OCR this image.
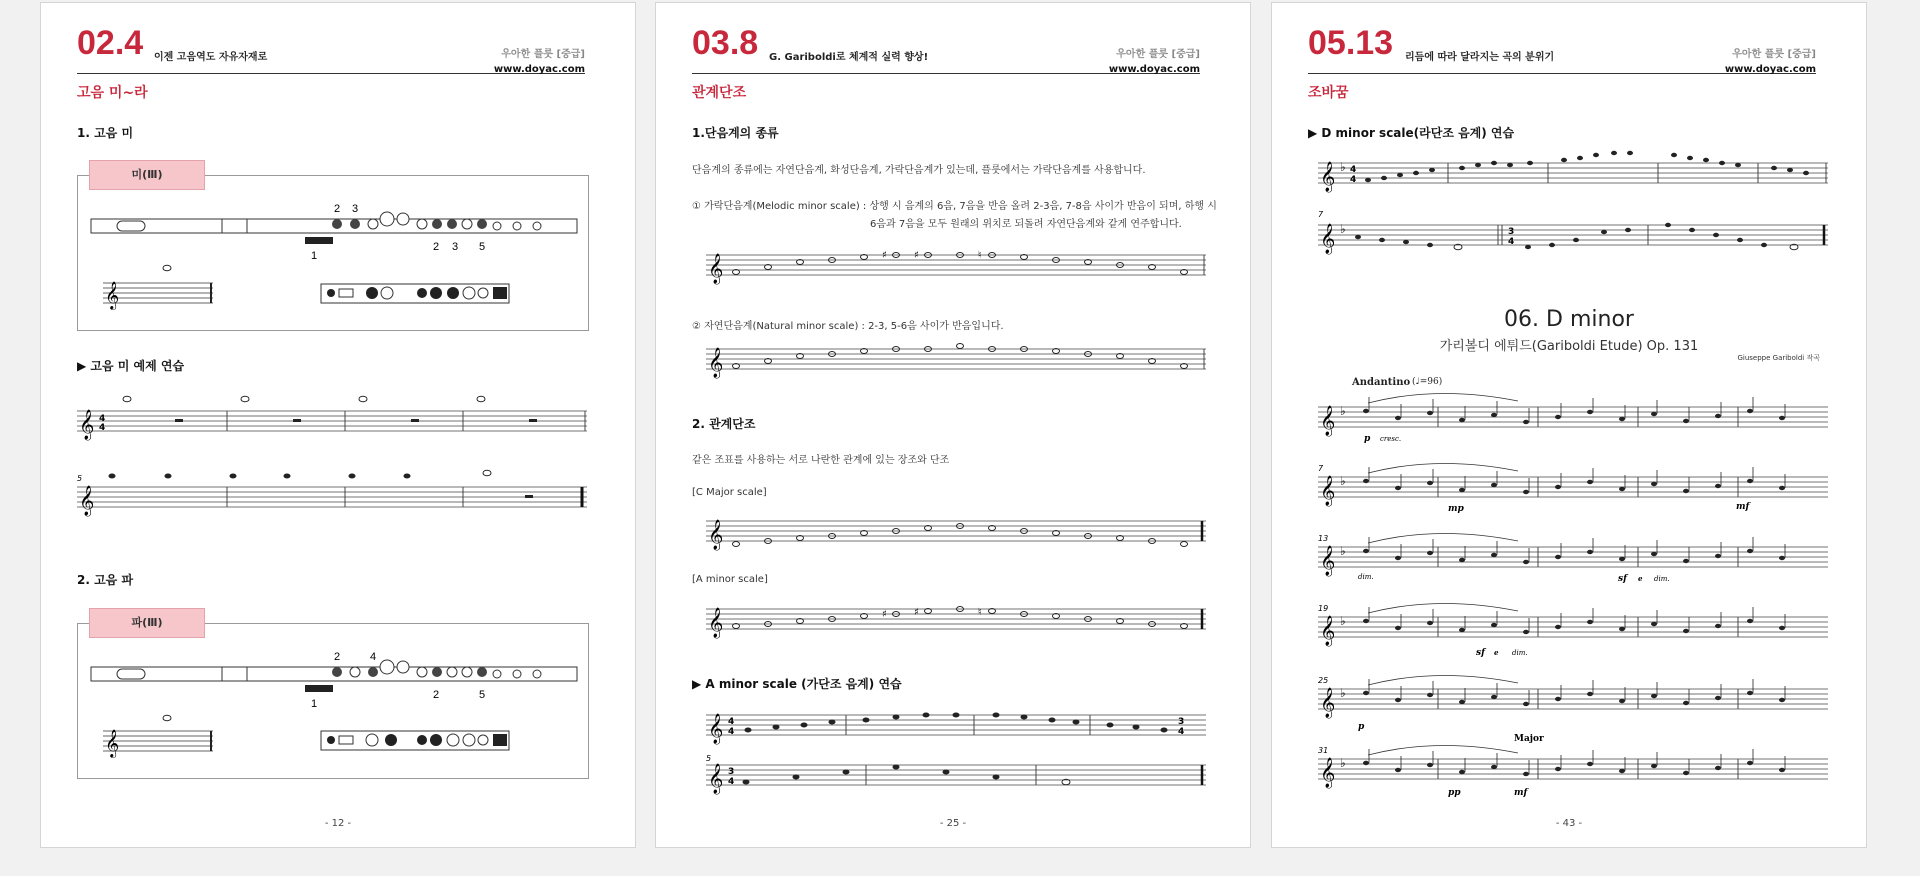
02.4 이젠 고음역도 자유자재로	우아한 플룻 [중급]
www.doyac.com
고음 미~라
1. 고음 미
미(Ⅲ)
2 3
1
2 3 5
𝄞
▶ 고음 미 예제 연습
𝄞 4
4
5
𝄞
2. 고음 파
파(Ⅲ)
2	4
1
2	5
𝄞
- 12 -
03.8 G. Gariboldi로 체계적 실력 향상!	우아한 플룻 [중급]
www.doyac.com
관계단조
1.단음계의 종류
단음계의 종류에는 자연단음계, 화성단음계, 가락단음계가 있는데, 플룻에서는 가락단음계를 사용합니다.
① 가락단음계(Melodic minor scale) : 상행 시 음계의 6음, 7음을 반음 올려 2-3음, 7-8음 사이가 반음이 되며, 하행 시
6음과 7음을 모두 원래의 위치로 되돌려 자연단음계와 같게 연주합니다.
𝄞	♯	♯	♮
② 자연단음계(Natural minor scale) : 2-3, 5-6음 사이가 반음입니다.
𝄞
2. 관계단조
같은 조표를 사용하는 서로 나란한 관계에 있는 장조와 단조
[C Major scale]
𝄞
[A minor scale]
𝄞	♯	♯	♮
▶ A minor scale (가단조 음계) 연습
𝄞 4
4
3
4
5
𝄞 3
4
- 25 -
05.13 리듬에 따라 달라지는 곡의 분위기	우아한 플룻 [중급]
www.doyac.com
조바꿈
▶ D minor scale(라단조 음계) 연습
𝄞 ♭ 4
4
7
𝄞 ♭	3
4
06. D minor
가리볼디 에튀드(Gariboldi Etude) Op. 131
Giuseppe Gariboldi 작곡
Andantino (♩=96)
𝄞 ♭
𝄞 ♭
7
𝄞 ♭
13
𝄞 ♭
19
𝄞 ♭
25
𝄞 ♭
31
p cresc.
mp	mf
dim.	sf	e dim.
sf	e dim.
p
pp	mf
Major
- 43 -
